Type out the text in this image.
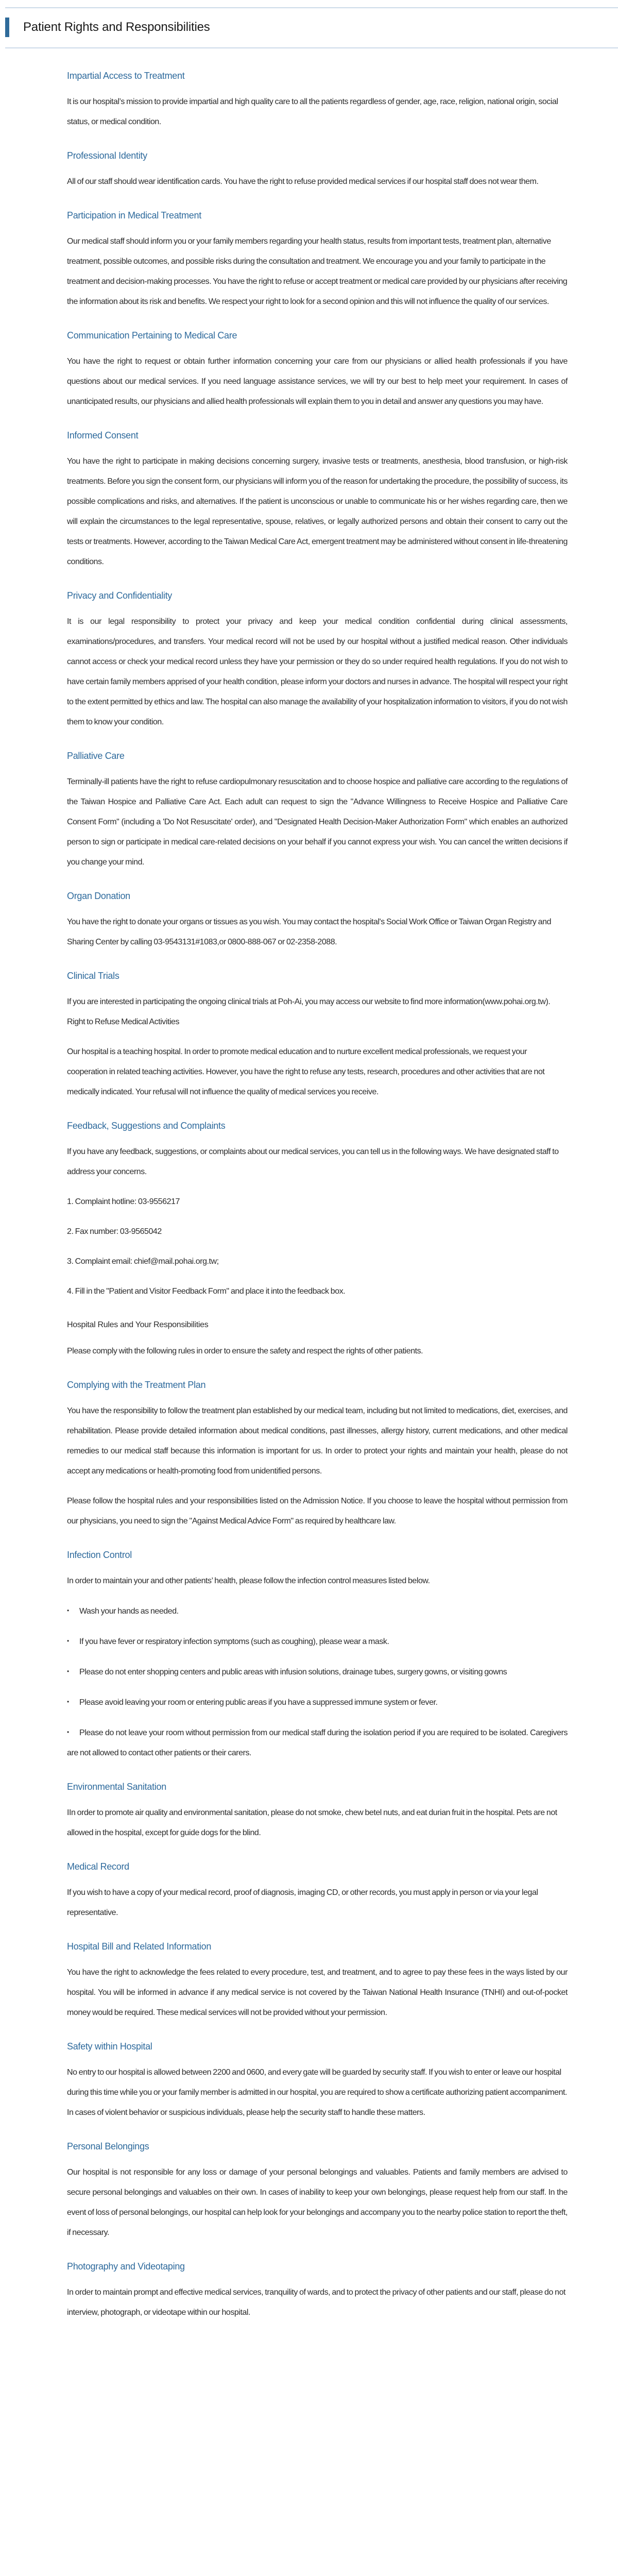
Patient Rights and Responsibilities
Impartial Access to Treatment

It is our hospital’s mission to provide impartial and high quality care to all the patients regardless of gender, age, race, religion, national origin, social status, or medical condition.

Professional Identity

All of our staff should wear identification cards. You have the right to refuse provided medical services if our hospital staff does not wear them.

Participation in Medical Treatment

Our medical staff should inform you or your family members regarding your health status, results from important tests, treatment plan, alternative treatment, possible outcomes, and possible risks during the consultation and treatment. We encourage you and your family to participate in the treatment and decision-making processes. You have the right to refuse or accept treatment or medical care provided by our physicians after receiving the information about its risk and benefits. We respect your right to look for a second opinion and this will not influence the quality of our services.

Communication Pertaining to Medical Care

You have the right to request or obtain further information concerning your care from our physicians or allied health professionals if you have questions about our medical services. If you need language assistance services, we will try our best to help meet your requirement. In cases of unanticipated results, our physicians and allied health professionals will explain them to you in detail and answer any questions you may have.

Informed Consent

You have the right to participate in making decisions concerning surgery, invasive tests or treatments, anesthesia, blood transfusion, or high-risk treatments. Before you sign the consent form, our physicians will inform you of the reason for undertaking the procedure, the possibility of success, its possible complications and risks, and alternatives. If the patient is unconscious or unable to communicate his or her wishes regarding care, then we will explain the circumstances to the legal representative, spouse, relatives, or legally authorized persons and obtain their consent to carry out the tests or treatments. However, according to the Taiwan Medical Care Act, emergent treatment may be administered without consent in life-threatening conditions.

Privacy and Confidentiality

It is our legal responsibility to protect your privacy and keep your medical condition confidential during clinical assessments, examinations/procedures, and transfers. Your medical record will not be used by our hospital without a justified medical reason. Other individuals cannot access or check your medical record unless they have your permission or they do so under required health regulations. If you do not wish to have certain family members apprised of your health condition, please inform your doctors and nurses in advance. The hospital will respect your right to the extent permitted by ethics and law. The hospital can also manage the availability of your hospitalization information to visitors, if you do not wish them to know your condition.

Palliative Care

Terminally-ill patients have the right to refuse cardiopulmonary resuscitation and to choose hospice and palliative care according to the regulations of the Taiwan Hospice and Palliative Care Act. Each adult can request to sign the "Advance Willingness to Receive Hospice and Palliative Care Consent Form" (including a 'Do Not Resuscitate' order), and "Designated Health Decision-Maker Authorization Form" which enables an authorized person to sign or participate in medical care-related decisions on your behalf if you cannot express your wish. You can cancel the written decisions if you change your mind.

Organ Donation

You have the right to donate your organs or tissues as you wish. You may contact the hospital's Social Work Office or Taiwan Organ Registry and Sharing Center by calling 03-9543131#1083,or 0800-888-067 or 02-2358-2088.

Clinical Trials

If you are interested in participating the ongoing clinical trials at Poh-Ai, you may access our website to find more information(www.pohai.org.tw). Right to Refuse Medical Activities

Our hospital is a teaching hospital. In order to promote medical education and to nurture excellent medical professionals, we request your cooperation in related teaching activities. However, you have the right to refuse any tests, research, procedures and other activities that are not medically indicated. Your refusal will not influence the quality of medical services you receive.

Feedback, Suggestions and Complaints

If you have any feedback, suggestions, or complaints about our medical services, you can tell us in the following ways. We have designated staff to address your concerns.

1. Complaint hotline: 03-9556217

2. Fax number: 03-9565042

3. Complaint email: chief@mail.pohai.org.tw;

4. Fill in the "Patient and Visitor Feedback Form" and place it into the feedback box.

Hospital Rules and Your Responsibilities

Please comply with the following rules in order to ensure the safety and respect the rights of other patients.

Complying with the Treatment Plan

You have the responsibility to follow the treatment plan established by our medical team, including but not limited to medications, diet, exercises, and rehabilitation. Please provide detailed information about medical conditions, past illnesses, allergy history, current medications, and other medical remedies to our medical staff because this information is important for us. In order to protect your rights and maintain your health, please do not accept any medications or health-promoting food from unidentified persons.

Please follow the hospital rules and your responsibilities listed on the Admission Notice. If you choose to leave the hospital without permission from our physicians, you need to sign the "Against Medical Advice Form" as required by healthcare law.

Infection Control

In order to maintain your and other patients’ health, please follow the infection control measures listed below.

• Wash your hands as needed.

• If you have fever or respiratory infection symptoms (such as coughing), please wear a mask.

• Please do not enter shopping centers and public areas with infusion solutions, drainage tubes, surgery gowns, or visiting gowns

• Please avoid leaving your room or entering public areas if you have a suppressed immune system or fever.

• Please do not leave your room without permission from our medical staff during the isolation period if you are required to be isolated. Caregivers are not allowed to contact other patients or their carers.

Environmental Sanitation

IIn order to promote air quality and environmental sanitation, please do not smoke, chew betel nuts, and eat durian fruit in the hospital. Pets are not allowed in the hospital, except for guide dogs for the blind.

Medical Record

If you wish to have a copy of your medical record, proof of diagnosis, imaging CD, or other records, you must apply in person or via your legal representative.

Hospital Bill and Related Information

You have the right to acknowledge the fees related to every procedure, test, and treatment, and to agree to pay these fees in the ways listed by our hospital. You will be informed in advance if any medical service is not covered by the Taiwan National Health Insurance (TNHI) and out-of-pocket money would be required. These medical services will not be provided without your permission.

Safety within Hospital

No entry to our hospital is allowed between 2200 and 0600, and every gate will be guarded by security staff. If you wish to enter or leave our hospital during this time while you or your family member is admitted in our hospital, you are required to show a certificate authorizing patient accompaniment. In cases of violent behavior or suspicious individuals, please help the security staff to handle these matters.

Personal Belongings

Our hospital is not responsible for any loss or damage of your personal belongings and valuables. Patients and family members are advised to secure personal belongings and valuables on their own. In cases of inability to keep your own belongings, please request help from our staff. In the event of loss of personal belongings, our hospital can help look for your belongings and accompany you to the nearby police station to report the theft, if necessary.

Photography and Videotaping

In order to maintain prompt and effective medical services, tranquility of wards, and to protect the privacy of other patients and our staff, please do not interview, photograph, or videotape within our hospital.
